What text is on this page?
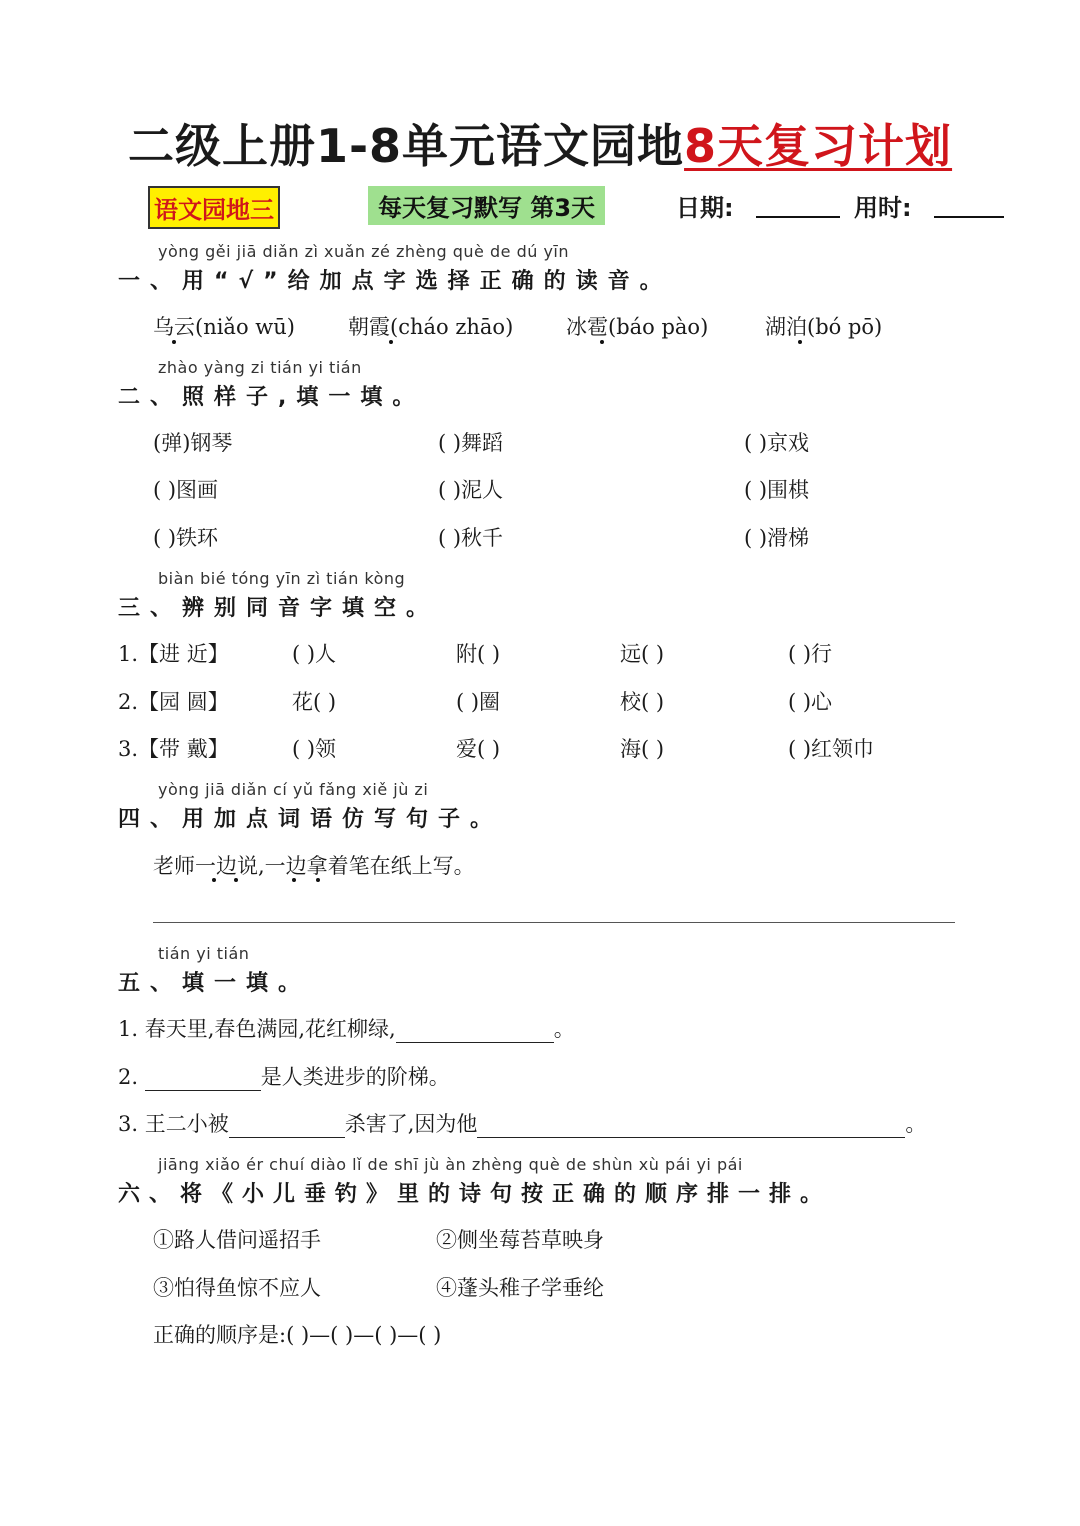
二级上册1-8单元语文园地8天复习计划
语文园地三	每天复习默写 第3天	日期:	用时:
yòng gěi jiā diǎn zì xuǎn zé zhèng què de dú yīn
一、用“√”给加点字选择正确的读音。
乌云(niǎo wū)	朝霞(cháo zhāo)	冰雹(báo pào)	湖泊(bó pō)
zhào yàng zi tián yi tián
二、照样子,填一填。
(弹)钢琴	( )舞蹈	( )京戏
( )图画	( )泥人	( )围棋
( )铁环	( )秋千	( )滑梯
biàn bié tóng yīn zì tián kòng
三、辨别同音字填空。
1.【进 近】	( )人	附( )	远( )	( )行
2.【园 圆】	花( )	( )圈	校( )	( )心
3.【带 戴】	( )领	爱( )	海( )	( )红领巾
yòng jiā diǎn cí yǔ fǎng xiě jù zi
四、用加点词语仿写句子。
老师一边说,一边拿着笔在纸上写。
tián yi tián
五、填一填。
1. 春天里,春色满园,花红柳绿,	。
2.	是人类进步的阶梯。
3. 王二小被	杀害了,因为他	。
jiāng xiǎo ér chuí diào lǐ de shī jù àn zhèng què de shùn xù pái yi pái
六、将《小儿垂钓》里的诗句按正确的顺序排一排。
①路人借问遥招手	②侧坐莓苔草映身
③怕得鱼惊不应人	④蓬头稚子学垂纶
正确的顺序是:( )—( )—( )—( )
